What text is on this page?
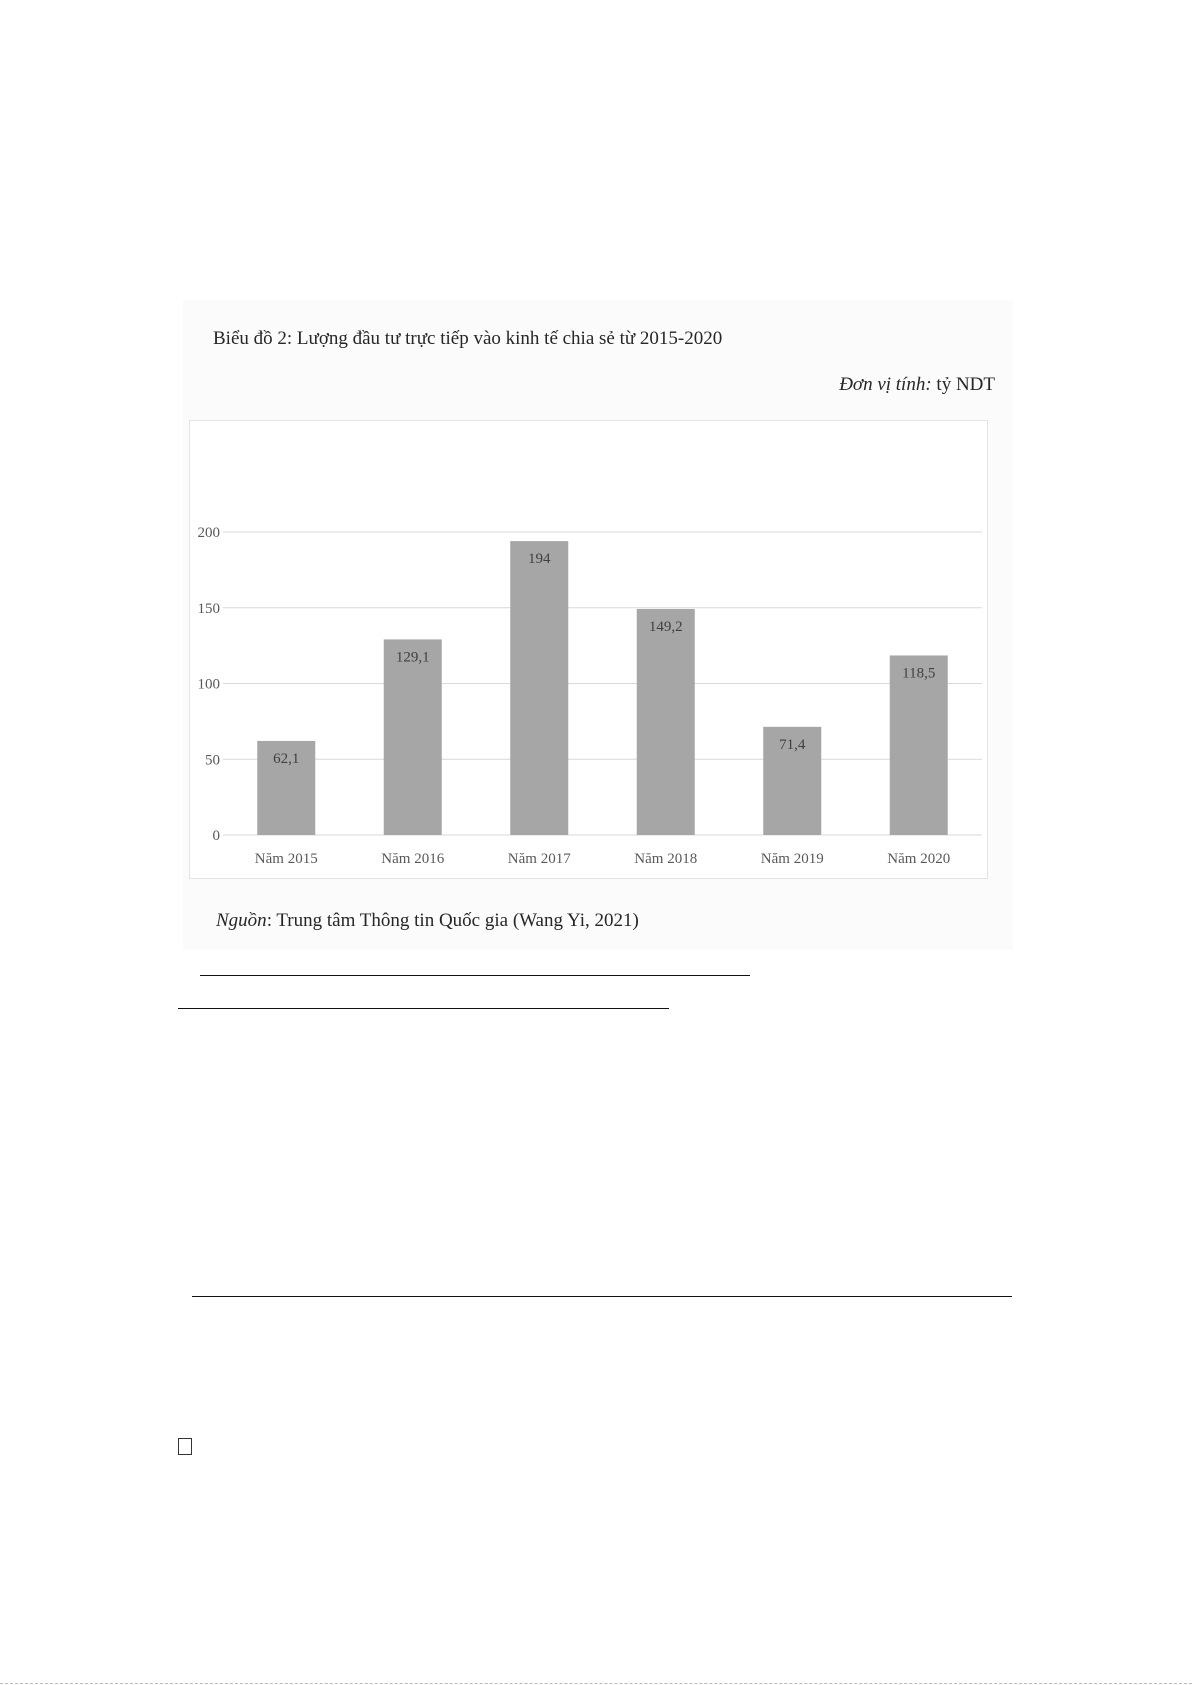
Biểu đồ 2: Lượng đầu tư trực tiếp vào kinh tế chia sẻ từ 2015-2020

Đơn vị tính: tỷ NDT
0
50
100
150
200
62,1
Năm 2015
129,1
Năm 2016
194
Năm 2017
149,2
Năm 2018
71,4
Năm 2019
118,5
Năm 2020
Nguồn: Trung tâm Thông tin Quốc gia (Wang Yi, 2021)
